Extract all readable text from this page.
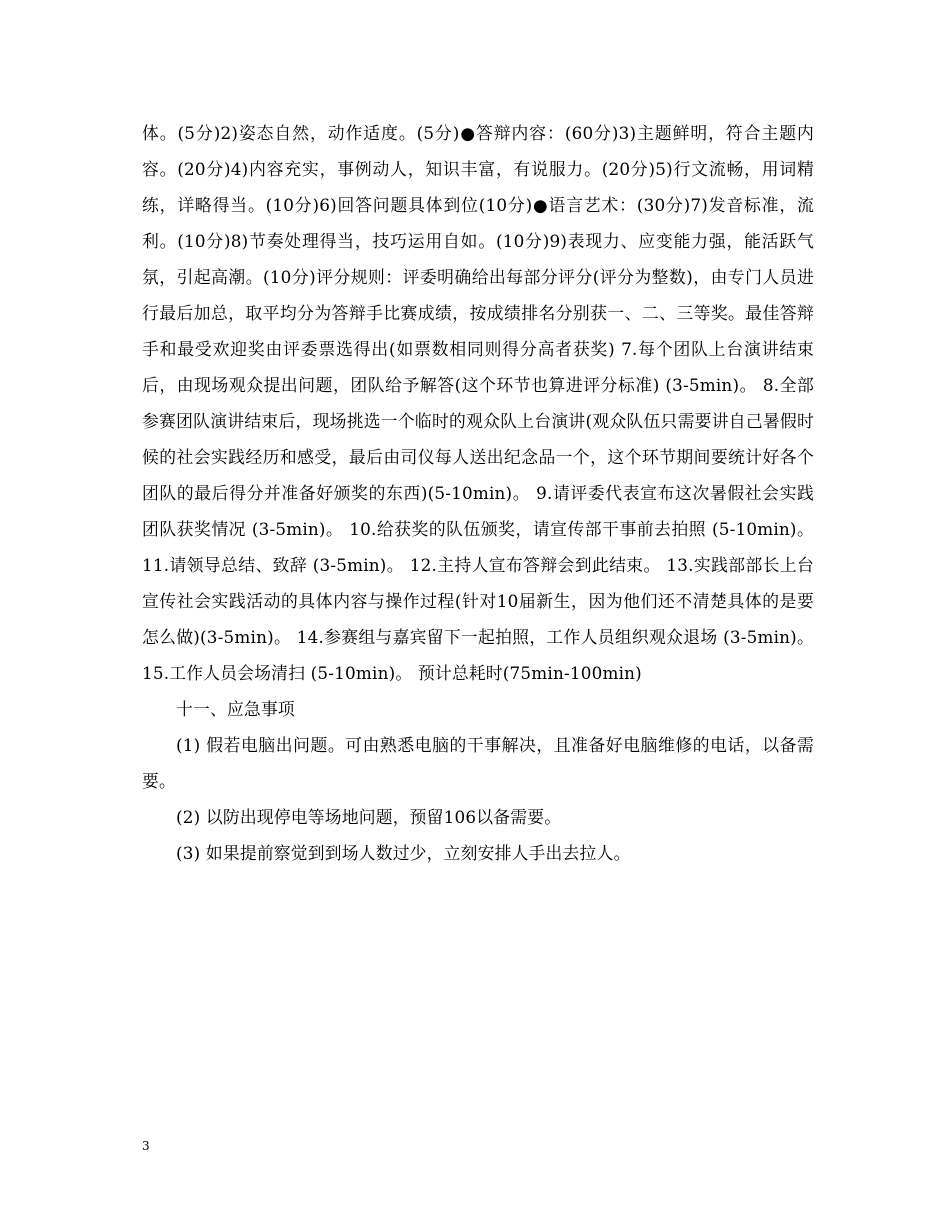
体。(5分)2)姿态自然，动作适度。(5分)●答辩内容：(60分)3)主题鲜明，符合主题内容。(20分)4)内容充实，事例动人，知识丰富，有说服力。(20分)5)行文流畅，用词精练，详略得当。(10分)6)回答问题具体到位(10分)●语言艺术：(30分)7)发音标准，流利。(10分)8)节奏处理得当，技巧运用自如。(10分)9)表现力、应变能力强，能活跃气氛，引起高潮。(10分)评分规则：评委明确给出每部分评分(评分为整数)，由专门人员进行最后加总，取平均分为答辩手比赛成绩，按成绩排名分别获一、二、三等奖。最佳答辩手和最受欢迎奖由评委票选得出(如票数相同则得分高者获奖) 7.每个团队上台演讲结束后，由现场观众提出问题，团队给予解答(这个环节也算进评分标准) (3-5min)。 8.全部参赛团队演讲结束后，现场挑选一个临时的观众队上台演讲(观众队伍只需要讲自己暑假时候的社会实践经历和感受，最后由司仪每人送出纪念品一个，这个环节期间要统计好各个团队的最后得分并准备好颁奖的东西)(5-10min)。 9.请评委代表宣布这次暑假社会实践团队获奖情况 (3-5min)。 10.给获奖的队伍颁奖，请宣传部干事前去拍照 (5-10min)。 11.请领导总结、致辞 (3-5min)。 12.主持人宣布答辩会到此结束。 13.实践部部长上台宣传社会实践活动的具体内容与操作过程(针对10届新生，因为他们还不清楚具体的是要怎么做)(3-5min)。 14.参赛组与嘉宾留下一起拍照，工作人员组织观众退场 (3-5min)。 15.工作人员会场清扫 (5-10min)。 预计总耗时(75min-100min)

十一、应急事项

(1) 假若电脑出问题。可由熟悉电脑的干事解决，且准备好电脑维修的电话，以备需要。

(2) 以防出现停电等场地问题，预留106以备需要。

(3) 如果提前察觉到到场人数过少，立刻安排人手出去拉人。

3
